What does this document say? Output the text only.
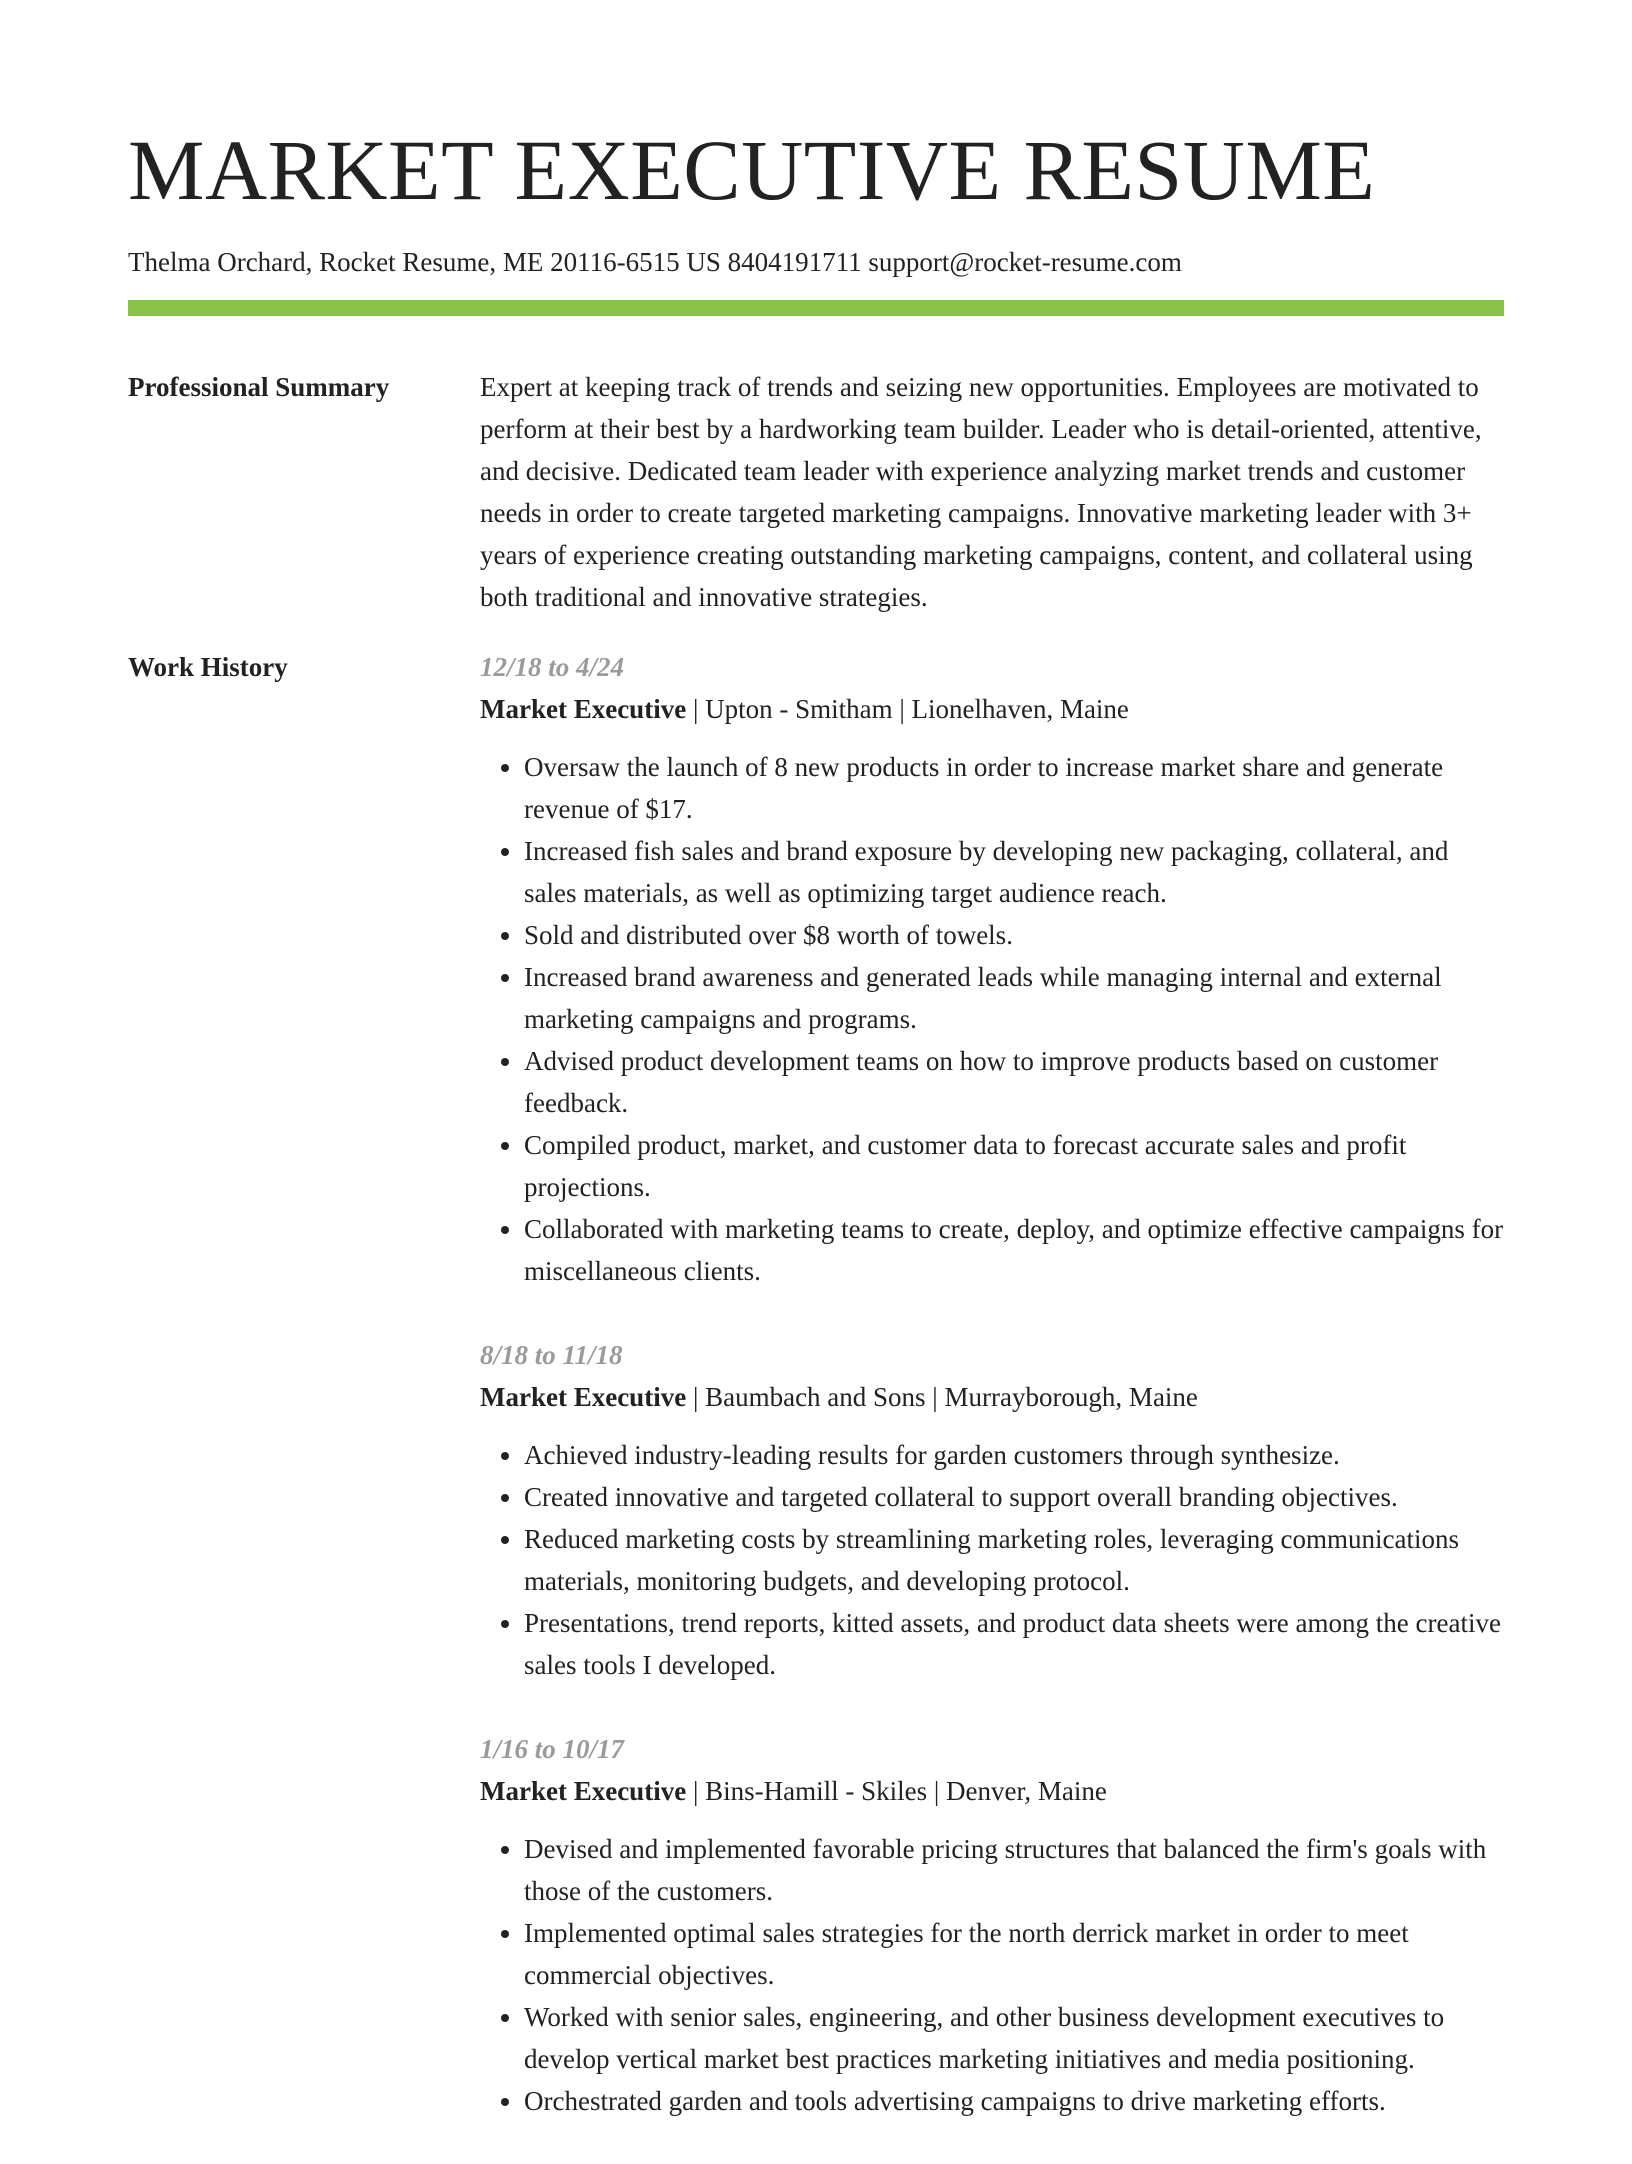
MARKET EXECUTIVE RESUME
Thelma Orchard, Rocket Resume, ME 20116-6515 US 8404191711 support@rocket-resume.com
Professional Summary	Expert at keeping track of trends and seizing new opportunities. Employees are motivated to perform at their best by a hardworking team builder. Leader who is detail-oriented, attentive, and decisive. Dedicated team leader with experience analyzing market trends and customer needs in order to create targeted marketing campaigns. Innovative marketing leader with 3+ years of experience creating outstanding marketing campaigns, content, and collateral using both traditional and innovative strategies.

Work History	12/18 to 4/24
Market Executive | Upton - Smitham | Lionelhaven, Maine
• Oversaw the launch of 8 new products in order to increase market share and generate revenue of $17.
• Increased fish sales and brand exposure by developing new packaging, collateral, and sales materials, as well as optimizing target audience reach.
• Sold and distributed over $8 worth of towels.
• Increased brand awareness and generated leads while managing internal and external marketing campaigns and programs.
• Advised product development teams on how to improve products based on customer feedback.
• Compiled product, market, and customer data to forecast accurate sales and profit projections.
• Collaborated with marketing teams to create, deploy, and optimize effective campaigns for miscellaneous clients.
8/18 to 11/18
Market Executive | Baumbach and Sons | Murrayborough, Maine
• Achieved industry-leading results for garden customers through synthesize.
• Created innovative and targeted collateral to support overall branding objectives.
• Reduced marketing costs by streamlining marketing roles, leveraging communications materials, monitoring budgets, and developing protocol.
• Presentations, trend reports, kitted assets, and product data sheets were among the creative sales tools I developed.
1/16 to 10/17
Market Executive | Bins-Hamill - Skiles | Denver, Maine
• Devised and implemented favorable pricing structures that balanced the firm's goals with those of the customers.
• Implemented optimal sales strategies for the north derrick market in order to meet commercial objectives.
• Worked with senior sales, engineering, and other business development executives to develop vertical market best practices marketing initiatives and media positioning.
• Orchestrated garden and tools advertising campaigns to drive marketing efforts.
